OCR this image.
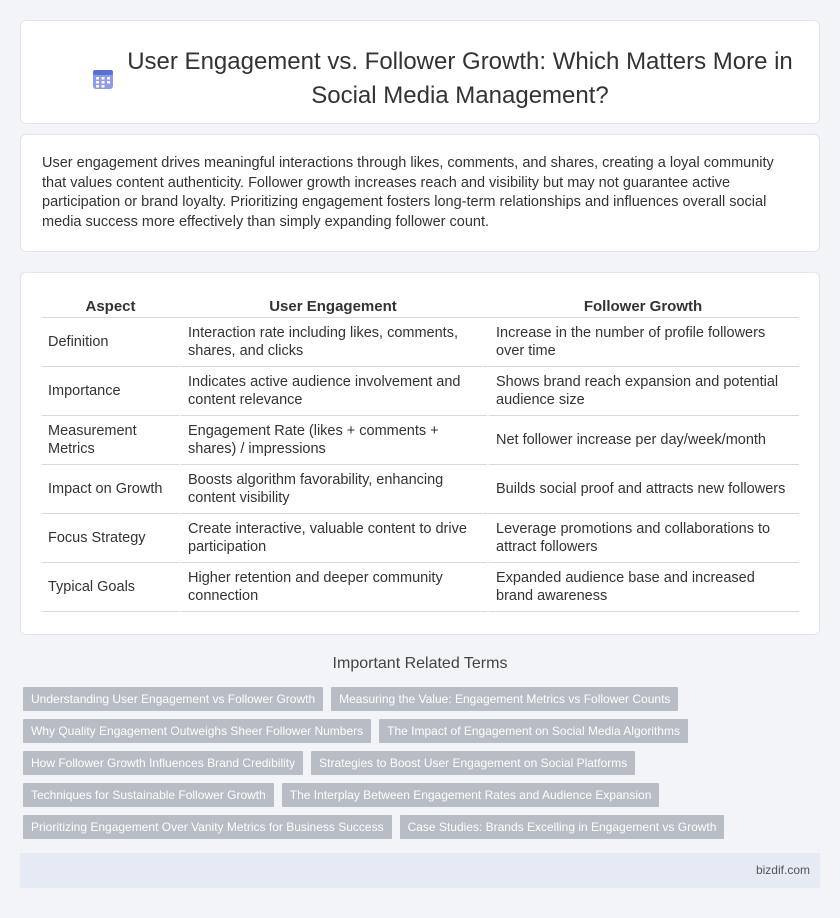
User Engagement vs. Follower Growth: Which Matters More in Social Media Management?

User engagement drives meaningful interactions through likes, comments, and shares, creating a loyal community that values content authenticity. Follower growth increases reach and visibility but may not guarantee active participation or brand loyalty. Prioritizing engagement fosters long-term relationships and influences overall social media success more effectively than simply expanding follower count.

Aspect	User Engagement	Follower Growth
Definition	Interaction rate including likes, comments, shares, and clicks	Increase in the number of profile followers over time
Importance	Indicates active audience involvement and content relevance	Shows brand reach expansion and potential audience size
Measurement Metrics	Engagement Rate (likes + comments + shares) / impressions	Net follower increase per day/week/month
Impact on Growth	Boosts algorithm favorability, enhancing content visibility	Builds social proof and attracts new followers
Focus Strategy	Create interactive, valuable content to drive participation	Leverage promotions and collaborations to attract followers
Typical Goals	Higher retention and deeper community connection	Expanded audience base and increased brand awareness
Important Related Terms
Understanding User Engagement vs Follower Growth	Measuring the Value: Engagement Metrics vs Follower Counts
Why Quality Engagement Outweighs Sheer Follower Numbers	The Impact of Engagement on Social Media Algorithms
How Follower Growth Influences Brand Credibility	Strategies to Boost User Engagement on Social Platforms
Techniques for Sustainable Follower Growth	The Interplay Between Engagement Rates and Audience Expansion
Prioritizing Engagement Over Vanity Metrics for Business Success	Case Studies: Brands Excelling in Engagement vs Growth
bizdif.com
